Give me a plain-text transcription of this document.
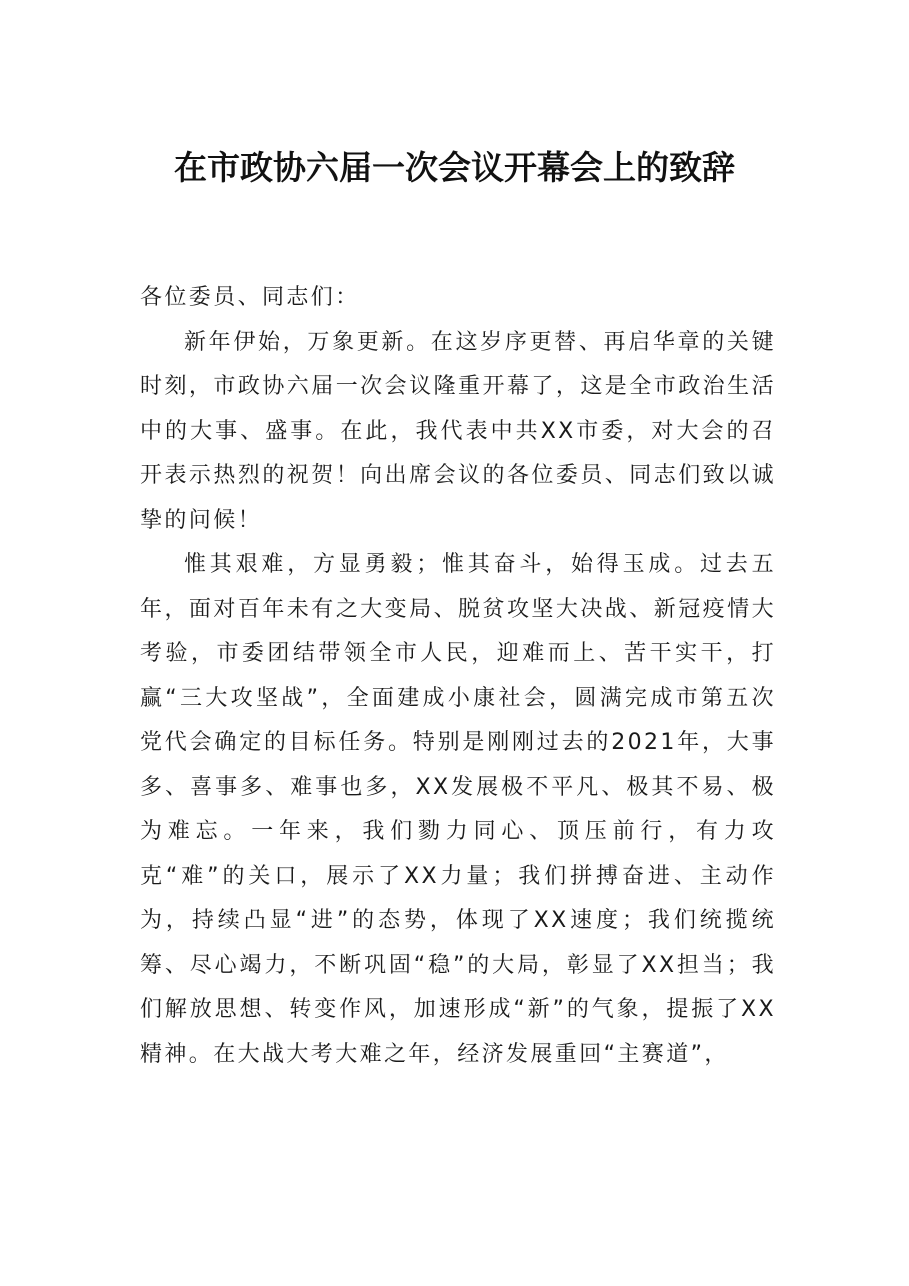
在市政协六届一次会议开幕会上的致辞

各位委员、同志们：

新年伊始，万象更新。在这岁序更替、再启华章的关键时刻，市政协六届一次会议隆重开幕了，这是全市政治生活中的大事、盛事。在此，我代表中共XX市委，对大会的召开表示热烈的祝贺！向出席会议的各位委员、同志们致以诚挚的问候！

惟其艰难，方显勇毅；惟其奋斗，始得玉成。过去五年，面对百年未有之大变局、脱贫攻坚大决战、新冠疫情大考验，市委团结带领全市人民，迎难而上、苦干实干，打赢“三大攻坚战”，全面建成小康社会，圆满完成市第五次党代会确定的目标任务。特别是刚刚过去的2021年，大事多、喜事多、难事也多，XX发展极不平凡、极其不易、极为难忘。一年来，我们勠力同心、顶压前行，有力攻克“难”的关口，展示了XX力量；我们拼搏奋进、主动作为，持续凸显“进”的态势，体现了XX速度；我们统揽统筹、尽心竭力，不断巩固“稳”的大局，彰显了XX担当；我们解放思想、转变作风，加速形成“新”的气象，提振了XX精神。在大战大考大难之年，经济发展重回“主赛道”，
